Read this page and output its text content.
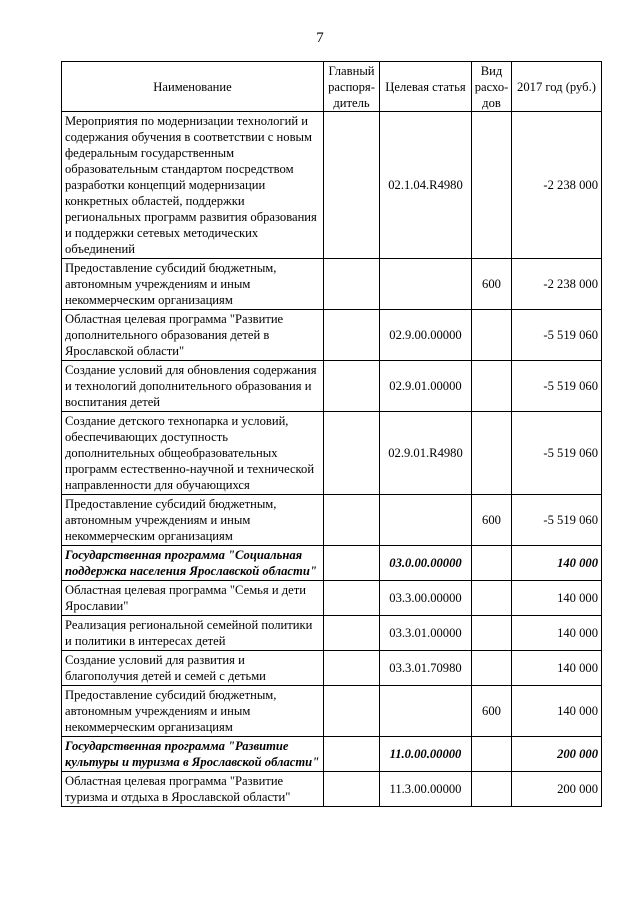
7
Наименование	Главный распоря-дитель	Целевая статья	Вид расхо-дов	2017 год (руб.)
Мероприятия по модернизации технологий и содержания обучения в соответствии с новым федеральным государственным образовательным стандартом посредством разработки концепций модернизации конкретных областей, поддержки региональных программ развития образования и поддержки сетевых методических объединений		02.1.04.R4980		-2 238 000
Предоставление субсидий бюджетным, автономным учреждениям и иным некоммерческим организациям			600	-2 238 000
Областная целевая программа "Развитие дополнительного образования детей в Ярославской области"		02.9.00.00000		-5 519 060
Создание условий для обновления содержания и технологий дополнительного образования и воспитания детей		02.9.01.00000		-5 519 060
Создание детского технопарка и условий, обеспечивающих доступность дополнительных общеобразовательных программ естественно-научной и технической направленности для обучающихся		02.9.01.R4980		-5 519 060
Предоставление субсидий бюджетным, автономным учреждениям и иным некоммерческим организациям			600	-5 519 060
Государственная программа "Социальная поддержка населения Ярославской области"		03.0.00.00000		140 000
Областная целевая программа "Семья и дети Ярославии"		03.3.00.00000		140 000
Реализация региональной семейной политики и политики в интересах детей		03.3.01.00000		140 000
Создание условий для развития и благополучия детей и семей с детьми		03.3.01.70980		140 000
Предоставление субсидий бюджетным, автономным учреждениям и иным некоммерческим организациям			600	140 000
Государственная программа "Развитие культуры и туризма в Ярославской области"		11.0.00.00000		200 000
Областная целевая программа "Развитие туризма и отдыха в Ярославской области"		11.3.00.00000		200 000
